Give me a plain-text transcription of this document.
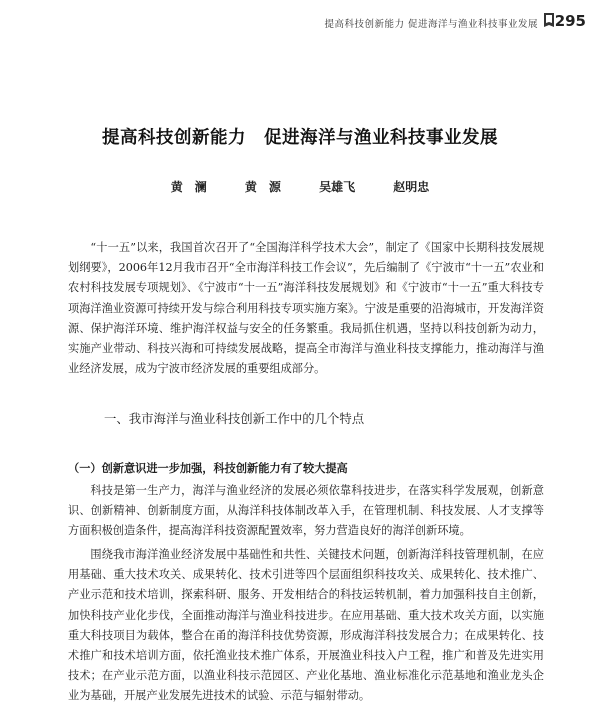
提高科技创新能力 促进海洋与渔业科技事业发展 295
提高科技创新能力　促进海洋与渔业科技事业发展
黄　澜	黄　源	吴雄飞	赵明忠
“十一五”以来，我国首次召开了“全国海洋科学技术大会”，制定了《国家中长期科技发展规划纲要》，2006年12月我市召开“全市海洋科技工作会议”，先后编制了《宁波市“十一五”农业和农村科技发展专项规划》、《宁波市“十一五”海洋科技发展规划》和《宁波市“十一五”重大科技专项海洋渔业资源可持续开发与综合利用科技专项实施方案》。宁波是重要的沿海城市，开发海洋资源、保护海洋环境、维护海洋权益与安全的任务繁重。我局抓住机遇，坚持以科技创新为动力，实施产业带动、科技兴海和可持续发展战略，提高全市海洋与渔业科技支撑能力，推动海洋与渔业经济发展，成为宁波市经济发展的重要组成部分。
一、我市海洋与渔业科技创新工作中的几个特点
（一）创新意识进一步加强，科技创新能力有了较大提高
科技是第一生产力，海洋与渔业经济的发展必须依靠科技进步，在落实科学发展观，创新意识、创新精神、创新制度方面，从海洋科技体制改革入手，在管理机制、科技发展、人才支撑等方面积极创造条件，提高海洋科技资源配置效率，努力营造良好的海洋创新环境。
围绕我市海洋渔业经济发展中基础性和共性、关键技术问题，创新海洋科技管理机制，在应用基础、重大技术攻关、成果转化、技术引进等四个层面组织科技攻关、成果转化、技术推广、产业示范和技术培训，探索科研、服务、开发相结合的科技运转机制，着力加强科技自主创新，加快科技产业化步伐，全面推动海洋与渔业科技进步。在应用基础、重大技术攻关方面，以实施重大科技项目为载体，整合在甬的海洋科技优势资源，形成海洋科技发展合力；在成果转化、技术推广和技术培训方面，依托渔业技术推广体系，开展渔业科技入户工程，推广和普及先进实用技术；在产业示范方面，以渔业科技示范园区、产业化基地、渔业标准化示范基地和渔业龙头企业为基础，开展产业发展先进技术的试验、示范与辐射带动。
